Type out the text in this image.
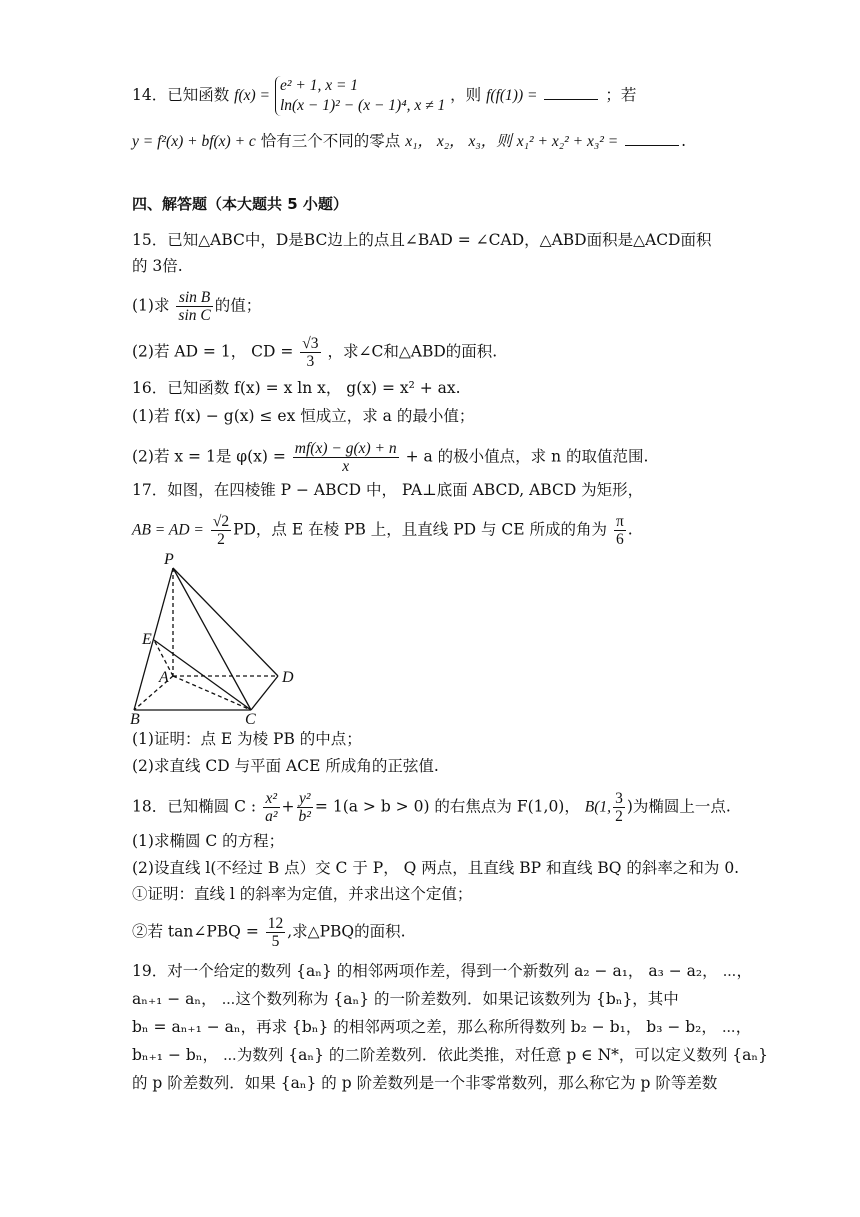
14．已知函数 f(x) =
e² + 1, x = 1
ln(x − 1)² − (x − 1)⁴, x ≠ 1
，则 f(f(1)) =	；若
y = f²(x) + bf(x) + c 恰有三个不同的零点 x₁， x₂， x₃，则 x₁² + x₂² + x₃² =	.
四、解答题（本大题共 5 小题）
15．已知△ABC中，D是BC边上的点且∠BAD = ∠CAD，△ABD面积是△ACD面积
的 3倍.
(1)求 $\frac{\text{sin B}}{\text{sin C}}$ 的值；
(2)若 AD = 1， CD = $\frac{√3}{3}$ ，求∠C和△ABD的面积.
16．已知函数 f(x) = x ln x， g(x) = x² + ax.
(1)若 f(x) − g(x) ≤ ex 恒成立，求 a 的最小值；
(2)若 x = 1是 $\varphi(x) = \frac{mf(x) - g(x) + n}{x} + a$ 的极小值点，求 n 的取值范围.
17．如图，在四棱锥 P − ABCD 中， PA⊥底面 ABCD, ABCD 为矩形，
AB = AD = $\frac{√2}{2}$ PD，点 E 在棱 PB 上，且直线 PD 与 CE 所成的角为 $\frac{\pi}{6}$ .
P
E
A	D
B	C
(1)证明：点 E 为棱 PB 的中点；
(2)求直线 CD 与平面 ACE 所成角的正弦值.
18．已知椭圆 C : $\frac{\text{x²}}{\text{a²}} + \frac{\text{y²}}{\text{b²}} = 1(a > b > 0)$ 的右焦点为 F(1,0)， B(1, $\frac{3}{2}$ )为椭圆上一点.
(1)求椭圆 C 的方程；
(2)设直线 l(不经过 B 点）交 C 于 P， Q 两点，且直线 BP 和直线 BQ 的斜率之和为 0.
①证明：直线 l 的斜率为定值，并求出这个定值；
②若 tan∠PBQ = $\frac{12}{5}$ ,求△PBQ的面积.
19．对一个给定的数列 {aₙ} 的相邻两项作差，得到一个新数列 a₂ − a₁， a₃ − a₂， ⋯，
aₙ₊₁ − aₙ， ⋯这个数列称为 {aₙ} 的一阶差数列．如果记该数列为 {bₙ}，其中
bₙ = aₙ₊₁ − aₙ，再求 {bₙ} 的相邻两项之差，那么称所得数列 b₂ − b₁， b₃ − b₂， ⋯，
bₙ₊₁ − bₙ， ⋯为数列 {aₙ} 的二阶差数列．依此类推，对任意 p ∈ N*，可以定义数列 {aₙ}
的 p 阶差数列．如果 {aₙ} 的 p 阶差数列是一个非零常数列，那么称它为 p 阶等差数
